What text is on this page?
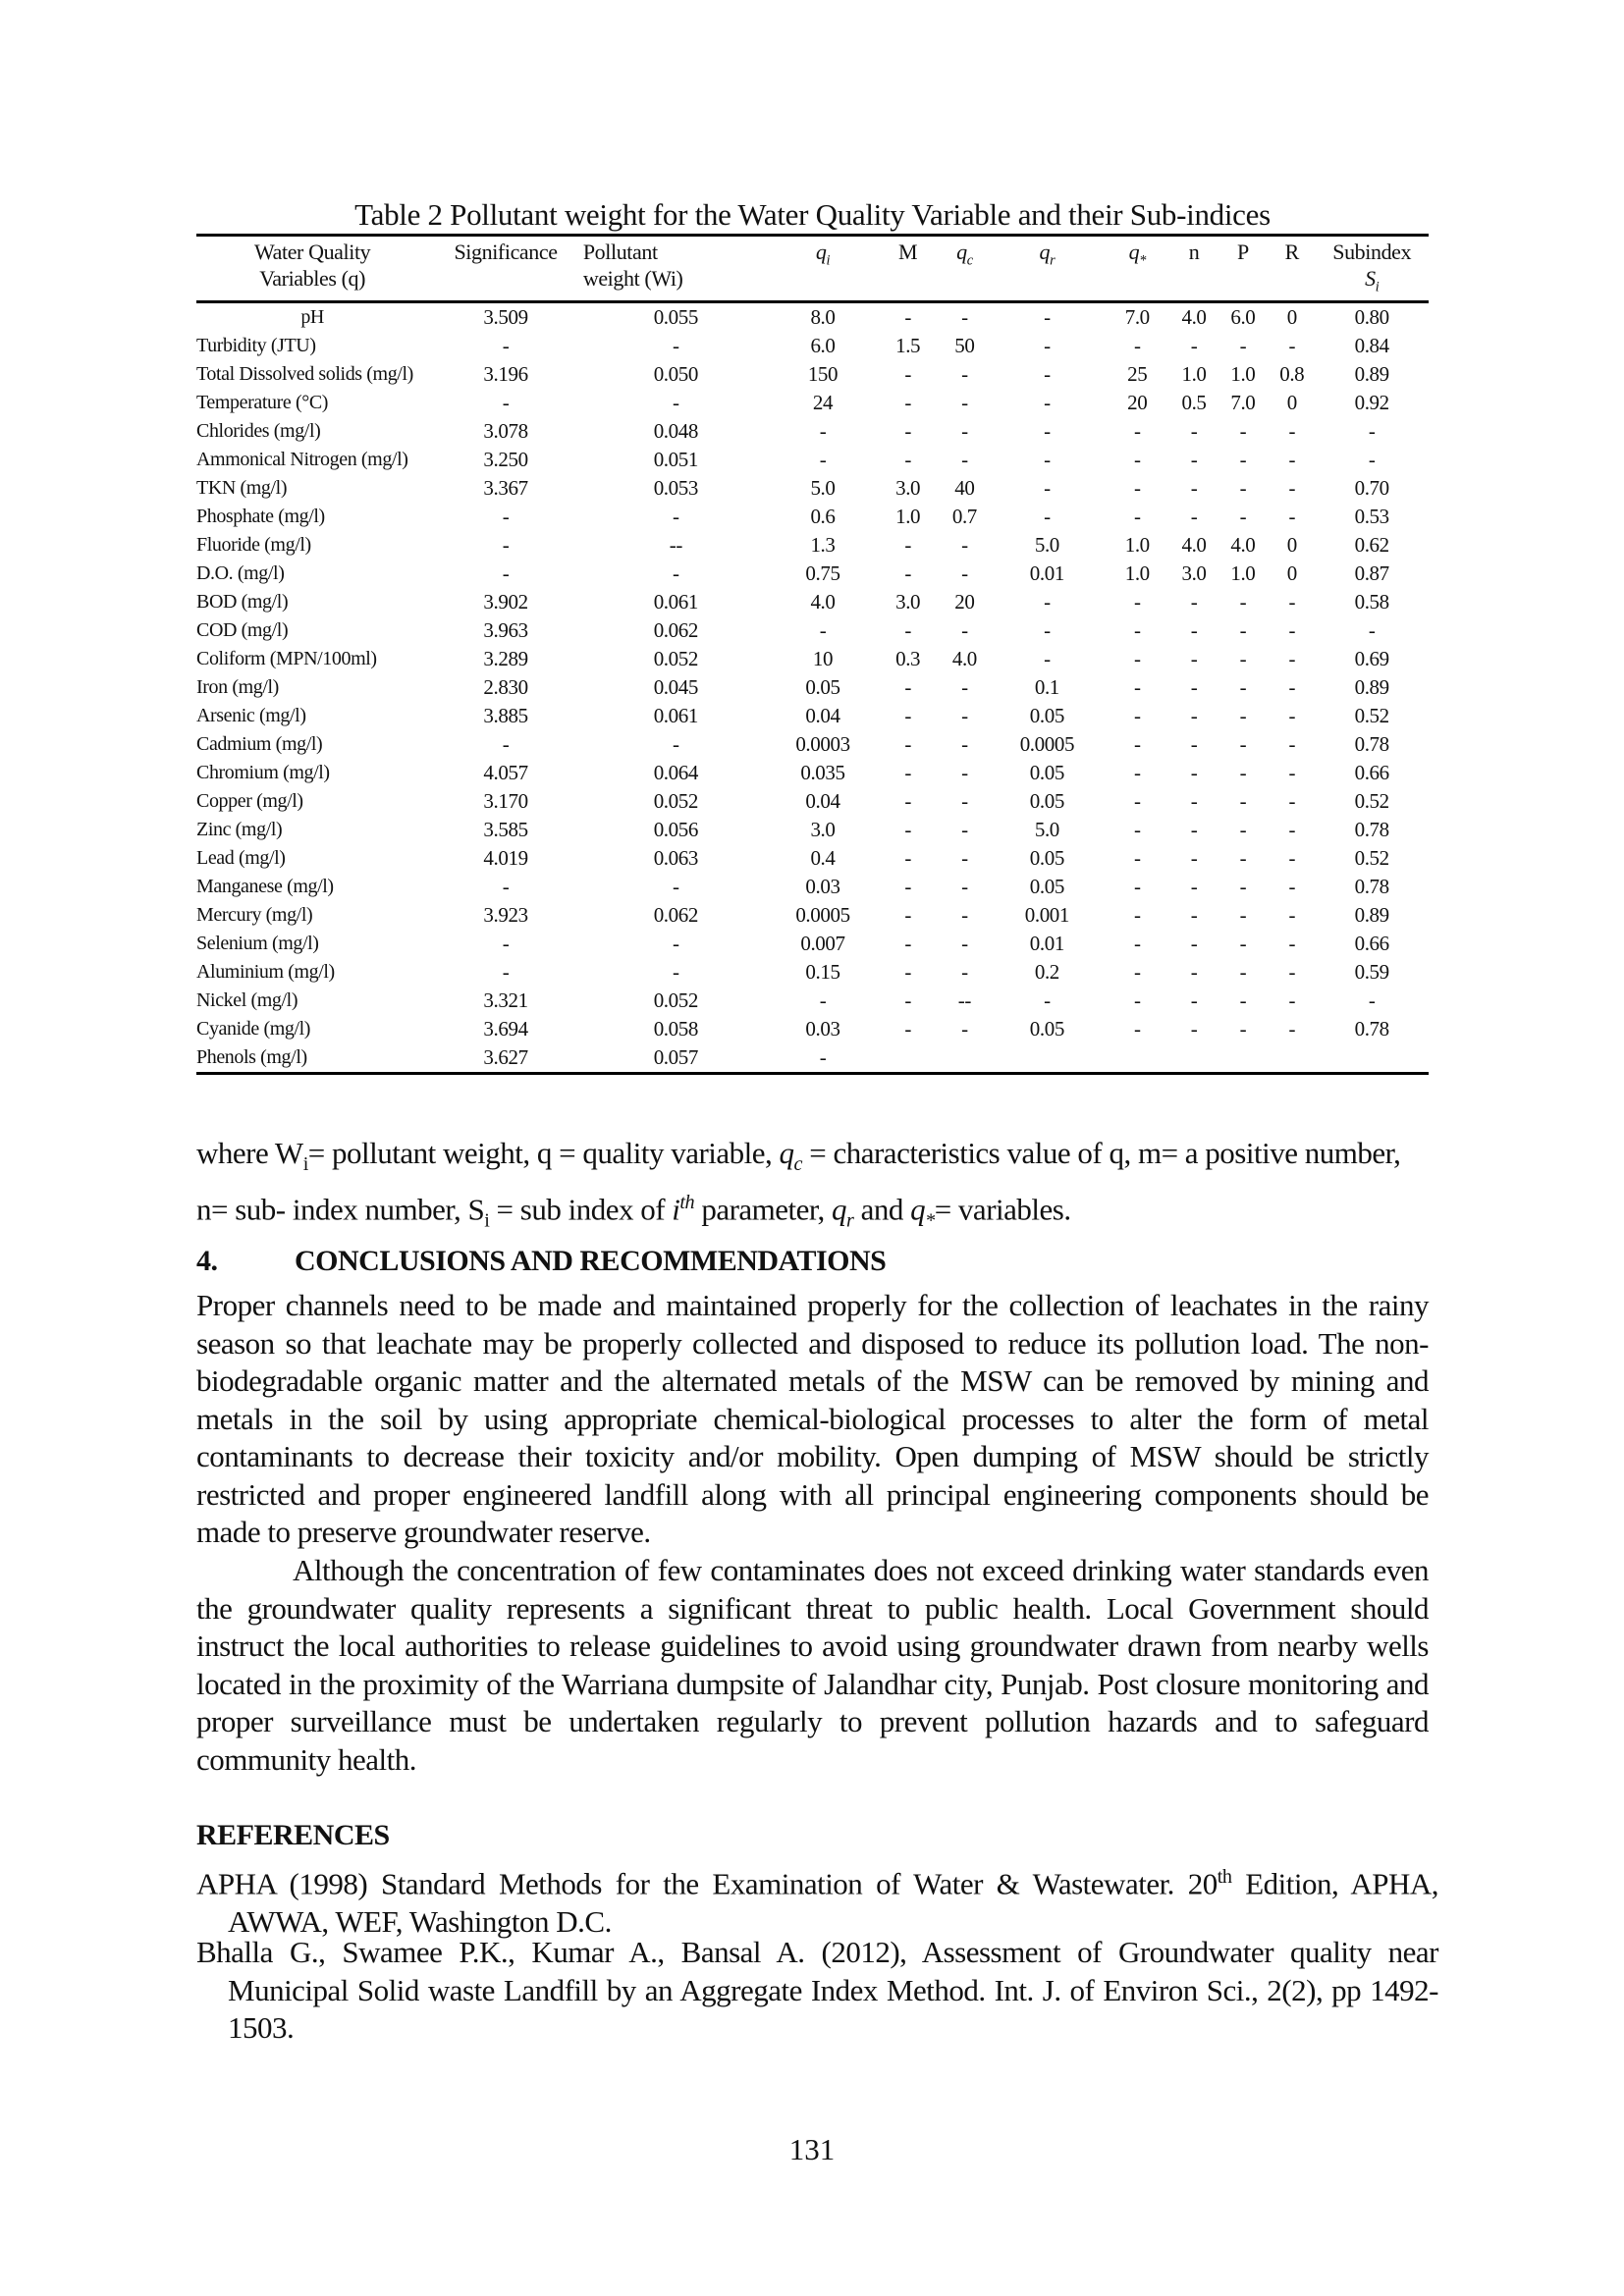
Table 2 Pollutant weight for the Water Quality Variable and their Sub-indices
Water Quality
Variables (q)	Significance	Pollutant
weight (Wi)	$q_i$	M	$q_c$	$q_r$	$q_*$	n	P	R	Subindex
$S_i$
pH	3.509	0.055	8.0	-	-	-	7.0	4.0	6.0	0	0.80
Turbidity (JTU)	-	-	6.0	1.5	50	-	-	-	-	-	0.84
Total Dissolved solids (mg/l)	3.196	0.050	150	-	-	-	25	1.0	1.0	0.8	0.89
Temperature (°C)	-	-	24	-	-	-	20	0.5	7.0	0	0.92
Chlorides (mg/l)	3.078	0.048	-	-	-	-	-	-	-	-	-
Ammonical Nitrogen (mg/l)	3.250	0.051	-	-	-	-	-	-	-	-	-
TKN (mg/l)	3.367	0.053	5.0	3.0	40	-	-	-	-	-	0.70
Phosphate (mg/l)	-	-	0.6	1.0	0.7	-	-	-	-	-	0.53
Fluoride (mg/l)	-	--	1.3	-	-	5.0	1.0	4.0	4.0	0	0.62
D.O. (mg/l)	-	-	0.75	-	-	0.01	1.0	3.0	1.0	0	0.87
BOD (mg/l)	3.902	0.061	4.0	3.0	20	-	-	-	-	-	0.58
COD (mg/l)	3.963	0.062	-	-	-	-	-	-	-	-	-
Coliform (MPN/100ml)	3.289	0.052	10	0.3	4.0	-	-	-	-	-	0.69
Iron (mg/l)	2.830	0.045	0.05	-	-	0.1	-	-	-	-	0.89
Arsenic (mg/l)	3.885	0.061	0.04	-	-	0.05	-	-	-	-	0.52
Cadmium (mg/l)	-	-	0.0003	-	-	0.0005	-	-	-	-	0.78
Chromium (mg/l)	4.057	0.064	0.035	-	-	0.05	-	-	-	-	0.66
Copper (mg/l)	3.170	0.052	0.04	-	-	0.05	-	-	-	-	0.52
Zinc (mg/l)	3.585	0.056	3.0	-	-	5.0	-	-	-	-	0.78
Lead (mg/l)	4.019	0.063	0.4	-	-	0.05	-	-	-	-	0.52
Manganese (mg/l)	-	-	0.03	-	-	0.05	-	-	-	-	0.78
Mercury (mg/l)	3.923	0.062	0.0005	-	-	0.001	-	-	-	-	0.89
Selenium (mg/l)	-	-	0.007	-	-	0.01	-	-	-	-	0.66
Aluminium (mg/l)	-	-	0.15	-	-	0.2	-	-	-	-	0.59
Nickel (mg/l)	3.321	0.052	-	-	--	-	-	-	-	-	-
Cyanide (mg/l)	3.694	0.058	0.03	-	-	0.05	-	-	-	-	0.78
Phenols (mg/l)	3.627	0.057	-								
where $W_i=$ pollutant weight, q = quality variable, $q_c$ = characteristics value of q, m= a positive number, n= sub- index number, $S_i$ = sub index of $i^{th}$ parameter, $q_r$ and $q_*=$ variables.
4.	CONCLUSIONS AND RECOMMENDATIONS
Proper channels need to be made and maintained properly for the collection of leachates in the rainy season so that leachate may be properly collected and disposed to reduce its pollution load. The non-biodegradable organic matter and the alternated metals of the MSW can be removed by mining and metals in the soil by using appropriate chemical-biological processes to alter the form of metal contaminants to decrease their toxicity and/or mobility. Open dumping of MSW should be strictly restricted and proper engineered landfill along with all principal engineering components should be made to preserve groundwater reserve.
Although the concentration of few contaminates does not exceed drinking water standards even the groundwater quality represents a significant threat to public health. Local Government should instruct the local authorities to release guidelines to avoid using groundwater drawn from nearby wells located in the proximity of the Warriana dumpsite of Jalandhar city, Punjab. Post closure monitoring and proper surveillance must be undertaken regularly to prevent pollution hazards and to safeguard community health.
REFERENCES
APHA (1998) Standard Methods for the Examination of Water & Wastewater. 20th Edition, APHA, AWWA, WEF, Washington D.C.
Bhalla G., Swamee P.K., Kumar A., Bansal A. (2012), Assessment of Groundwater quality near Municipal Solid waste Landfill by an Aggregate Index Method. Int. J. of Environ Sci., 2(2), pp 1492-1503.
131
